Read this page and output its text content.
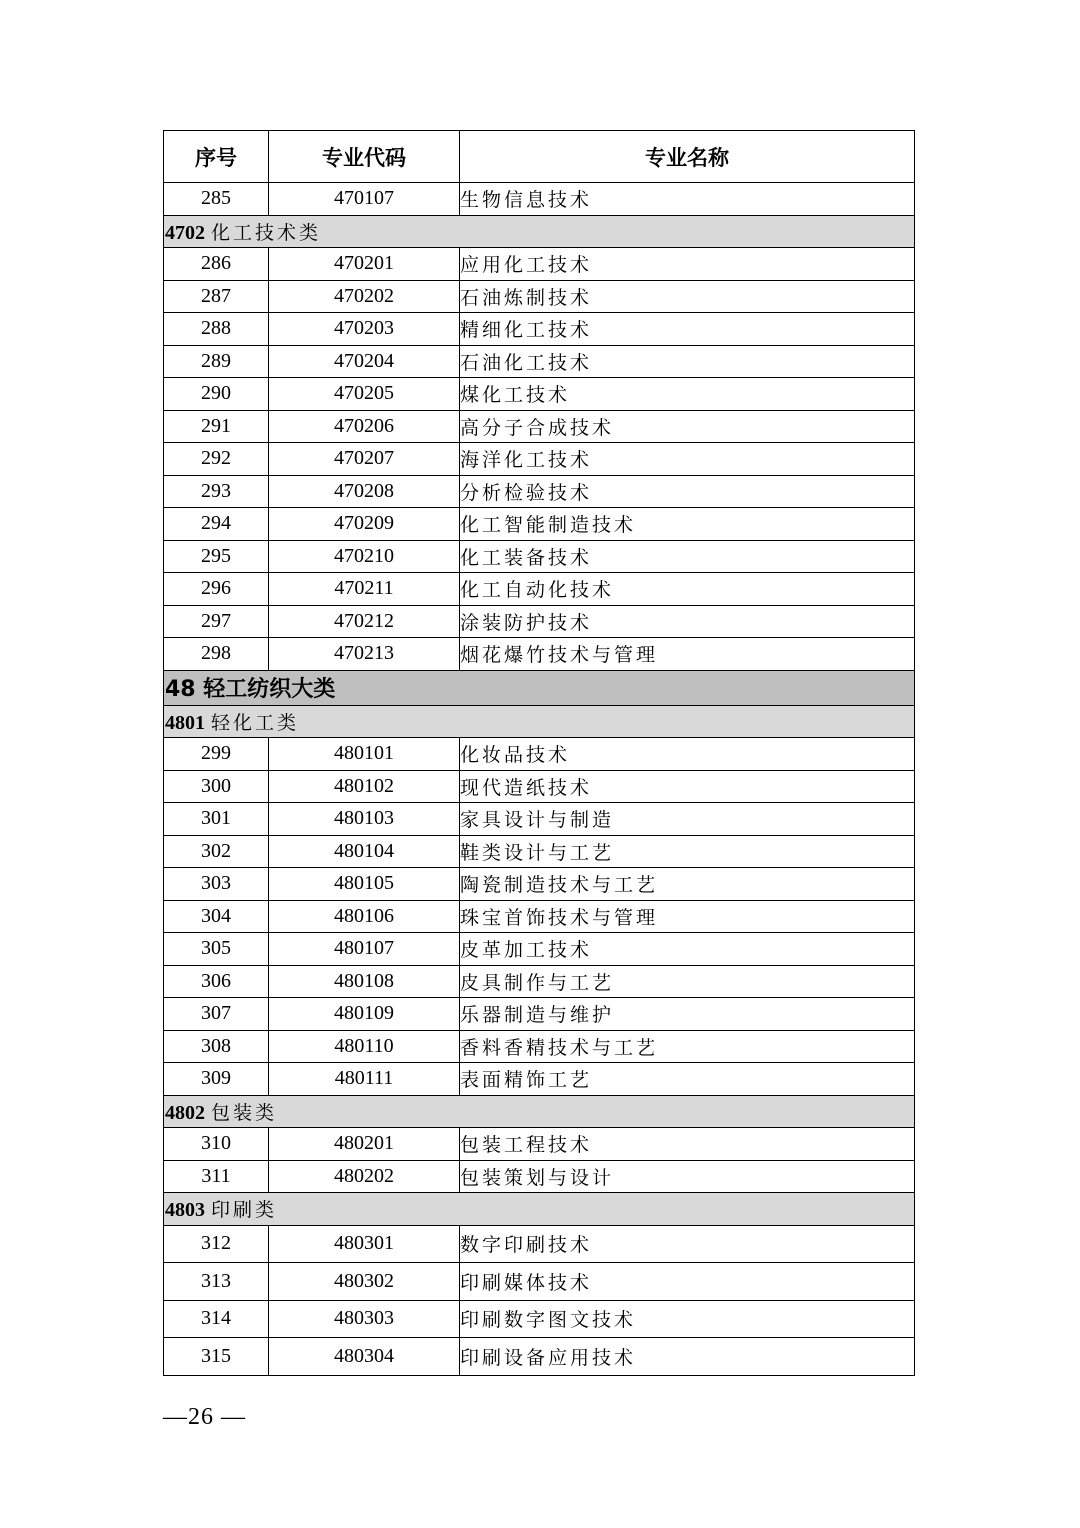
序号	专业代码	专业名称
285	470107	生物信息技术
4702 化工技术类		
286	470201	应用化工技术
287	470202	石油炼制技术
288	470203	精细化工技术
289	470204	石油化工技术
290	470205	煤化工技术
291	470206	高分子合成技术
292	470207	海洋化工技术
293	470208	分析检验技术
294	470209	化工智能制造技术
295	470210	化工装备技术
296	470211	化工自动化技术
297	470212	涂装防护技术
298	470213	烟花爆竹技术与管理
48 轻工纺织大类		
4801 轻化工类		
299	480101	化妆品技术
300	480102	现代造纸技术
301	480103	家具设计与制造
302	480104	鞋类设计与工艺
303	480105	陶瓷制造技术与工艺
304	480106	珠宝首饰技术与管理
305	480107	皮革加工技术
306	480108	皮具制作与工艺
307	480109	乐器制造与维护
308	480110	香料香精技术与工艺
309	480111	表面精饰工艺
4802 包装类		
310	480201	包装工程技术
311	480202	包装策划与设计
4803 印刷类		
312	480301	数字印刷技术
313	480302	印刷媒体技术
314	480303	印刷数字图文技术
315	480304	印刷设备应用技术
—26 —
